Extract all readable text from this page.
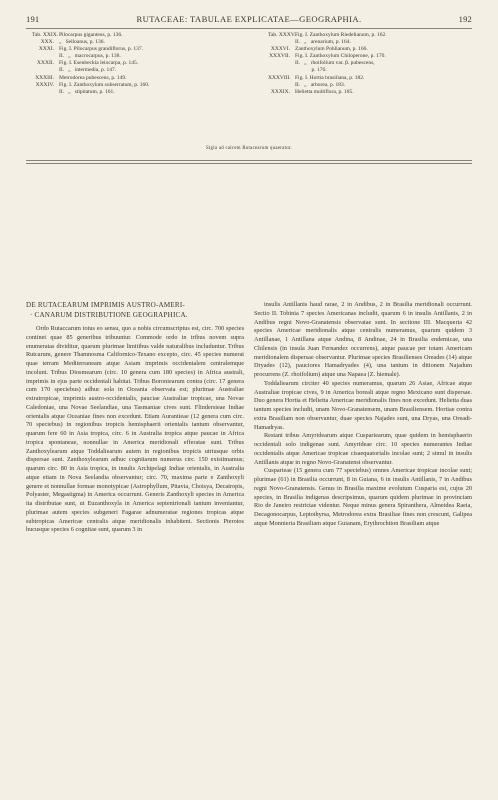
191	RUTACEAE: TABULAE EXPLICATAE—GEOGRAPHIA.	192
Tab. XXIX.Pilocarpus giganteus, p. 136.
XXX. „   Selloanus, p. 136.
XXXI. Fig. I. Pilocarpus grandiflorus, p. 137.
II.   „   macrocarpus, p. 138.
XXXII. Fig. I. Esenbeckia leiocarpa, p. 145.
II.   „   intermedia, p. 147.
XXXIII. Metrodorea pubescens, p. 149.
XXXIV. Fig. I. Zanthoxylum subserratum, p. 160.
II.   „   stipitatum, p. 161.
Tab. XXXV.Fig. I. Zanthoxylum Riedelianum, p. 162.
II.   „   arenarium, p. 164.
XXXVI. Zanthoxylum Pohlianum, p. 166.
XXXVII. Fig. I. Zanthoxylum Chiloperone, p. 170.
II.   „   rhoifolium var. β. pubescens,
p. 176.
XXXVIII. Fig. I. Hortia brasiliana, p. 182.
II.   „   arborea, p. 183.
XXXIX. Helietta multiflora, p. 185.
Sigla ad calcem Rutacearum quaeratur.
DE RUTACEARUM IMPRIMIS AUSTRO-AMERI-
· CANARUM DISTRIBUTIONE GEOGRAPHICA.

Ordo Rutaccarum totus eo sensu, quo a nobis circumscriptus est, circ. 700 species continet quae 85 generibus tribuuntur. Commode ordo in tribus novem supra enumeratas dividitur, quarum plurimae limitibus valde naturalibus includuntur. Tribus Rutcarum, genere Thamnosma Californico-Texano excepto, circ. 45 species numerat quae terram Mediterraneam atque Asiam imprimis occidentalem centralemque incolunt. Tribus Diosmearum (circ. 10 genera cum 180 species) in Africa australi, imprimis in ejus parte occidentali habitat. Tribus Boroniearum contra (circ. 17 genera cum 170 speciebus) adhuc sola in Oceania observata est; plurimae Australiae extratropicae, imprimis austro-occidentalis, pauciae Australiae tropicae, una Novae Caledoniae, una Novae Seelandiae, una Tasmaniae cives sunt. Flindersieae Indiae orientalis atque Oceaniae fines non excedunt. Etiam Aurantieae (12 genera cum circ. 70 speciebus) in regionibus tropicis hemisphaerii orientalis tantum observantur, quarum fere 60 in Asia tropica, circ. 6 in Australia tropica atque paucae in Africa tropica spontaneae, nonnullae in America meridionali efferatae sunt. Tribus Zanthoxylearum atque Toddaliearum autem in regionibus tropicis utriusque orbis dispersae sunt. Zanthoxylearum adhuc cognitarum numerus circ. 150 existimamus; quarum circ. 80 in Asia tropica, in insulis Archipelagi Indiae orientalis, in Australia atque etiam in Nova Seelandia observantur; circ. 70, maxima parte e Zanthoxyli genere et nonnullae formae monotypicae (Astrophyllum, Pitavia, Choisya, Decatropis, Polyaster, Megastigma) in America occurrunt. Generis Zanthoxyli species in America ita distributae sunt, ut Euzanthoxyla in America septentrionali tantum inveniantur, plurimae autem species subgeneri Fagarae adnumeratae regiones tropicas atque subtropicas Americae centralis atque meridionalis inhabitent. Sectionis Pterotos hucusque species 6 cognitae sunt, quarum 3 in

insulis Antillanis haud rarae, 2 in Andibus, 2 in Brasilia meridionali occurrunt. Sectio II. Tobinia 7 species Americanas includit, quarum 6 in insulis Antillanis, 2 in Andibus regni Novo-Granatensis observatae sunt. In sectione III. Macqueria 42 species Americae meridionalis atque centralis numeramus, quarum quidem 3 Antillanae, 1 Antillana atque Andina, 8 Andinae, 24 in Brasilia endemicae, una Chilensis (in insula Juan Fernandez occurrens), atque paucae per totam Americam meridionalem dispersae observantur. Plurimae species Brasilienses Oreades (14) atque Dryades (12), pauciores Hamadryades (4), una tantum in ditionem Najadum procurrens (Z. rhoifolium) atque una Napaea (Z. hiemale).

Toddaliearum circiter 40 species numeramus, quarum 26 Asiae, Africae atque Australiae tropicae cives, 9 in America boreali atque regno Mexicano sunt dispersae. Duo genera Hortia et Helietta Americae meridionalis fines non excedunt. Helietta duas tantum species includit, unam Novo-Granatensem, unam Brasiliensem. Hortiae contra extra Brasiliam non observantur, duae species Najades sunt, una Dryas, una Oreadi-Hamadryas.

Restant tribus Amyridearum atque Cuspariearum, quae quidem in hemisphaerio occidentali solo indigenae sunt. Amyrideae circ. 10 species numerantes Indiae occidentalis atque Americae tropicae cisaequatorialis incolae sunt; 2 simul in insulis Antillanis atque in regno Novo-Granatensi observantur.

Cusparieae (15 genera cum 77 speciebus) omnes Americae tropicae incolae sunt; plurimae (61) in Brasilia occurrunt, 8 in Guiana, 6 in insulis Antillanis, 7 in Andibus regni Novo-Granatensis. Genus in Brasilia maxime evolutum Cusparia est, cujus 20 species, in Brasilia indigenas descripsimus, quarum quidem plurimae in provinciam Rio de Janeiro restrictae videntur. Neque minus genera Spiranthera, Almeidea Raeia, Decagonocarpus, Leptothyrsa, Metrodorea extra Brasiliae fines non crescunt, Galipea atque Monnieria Brasiliam atque Guianam, Erythrochiton Brasiliam atque
